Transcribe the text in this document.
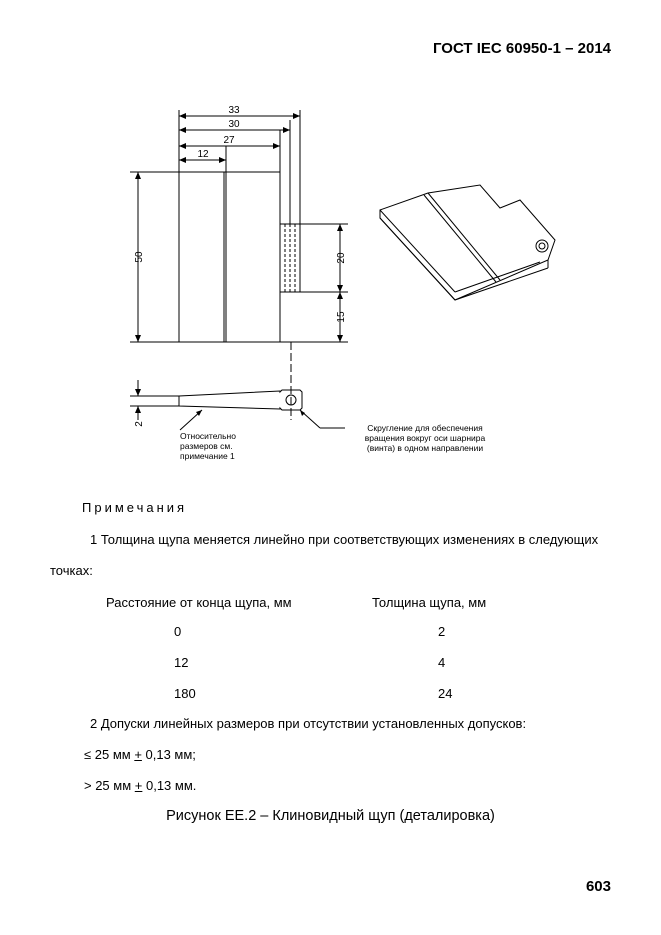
ГОСТ IEC 60950-1 – 2014
33
30
27
12
50	20
15
2
Относительно
размеров см.
примечание 1
Скругление для обеспечения
вращения вокруг оси шарнира
(винта) в одном направлении
Примечания
1 Толщина щупа меняется линейно при соответствующих изменениях в следующих
точках:
Расстояние от конца щупа, мм	Толщина щупа, мм
0	2
12	4
180	24
2 Допуски линейных размеров при отсутствии установленных допусков:
≤ 25 мм + 0,13 мм;
> 25 мм + 0,13 мм.
Рисунок ЕЕ.2 – Клиновидный щуп (деталировка)
603
